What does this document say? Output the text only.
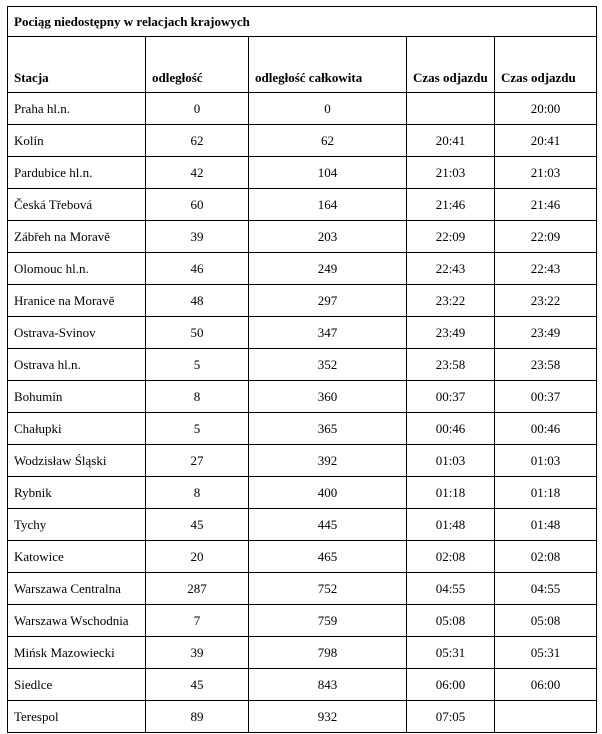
Pociąg niedostępny w relacjach krajowych				
Stacja	odległość	odległość całkowita	Czas odjazdu	Czas odjazdu
Praha hl.n.	0	0		20:00
Kolín	62	62	20:41	20:41
Pardubice hl.n.	42	104	21:03	21:03
Česká Třebová	60	164	21:46	21:46
Zábřeh na Moravě	39	203	22:09	22:09
Olomouc hl.n.	46	249	22:43	22:43
Hranice na Moravě	48	297	23:22	23:22
Ostrava-Svinov	50	347	23:49	23:49
Ostrava hl.n.	5	352	23:58	23:58
Bohumín	8	360	00:37	00:37
Chałupki	5	365	00:46	00:46
Wodzisław Śląski	27	392	01:03	01:03
Rybnik	8	400	01:18	01:18
Tychy	45	445	01:48	01:48
Katowice	20	465	02:08	02:08
Warszawa Centralna	287	752	04:55	04:55
Warszawa Wschodnia	7	759	05:08	05:08
Mińsk Mazowiecki	39	798	05:31	05:31
Siedlce	45	843	06:00	06:00
Terespol	89	932	07:05	
